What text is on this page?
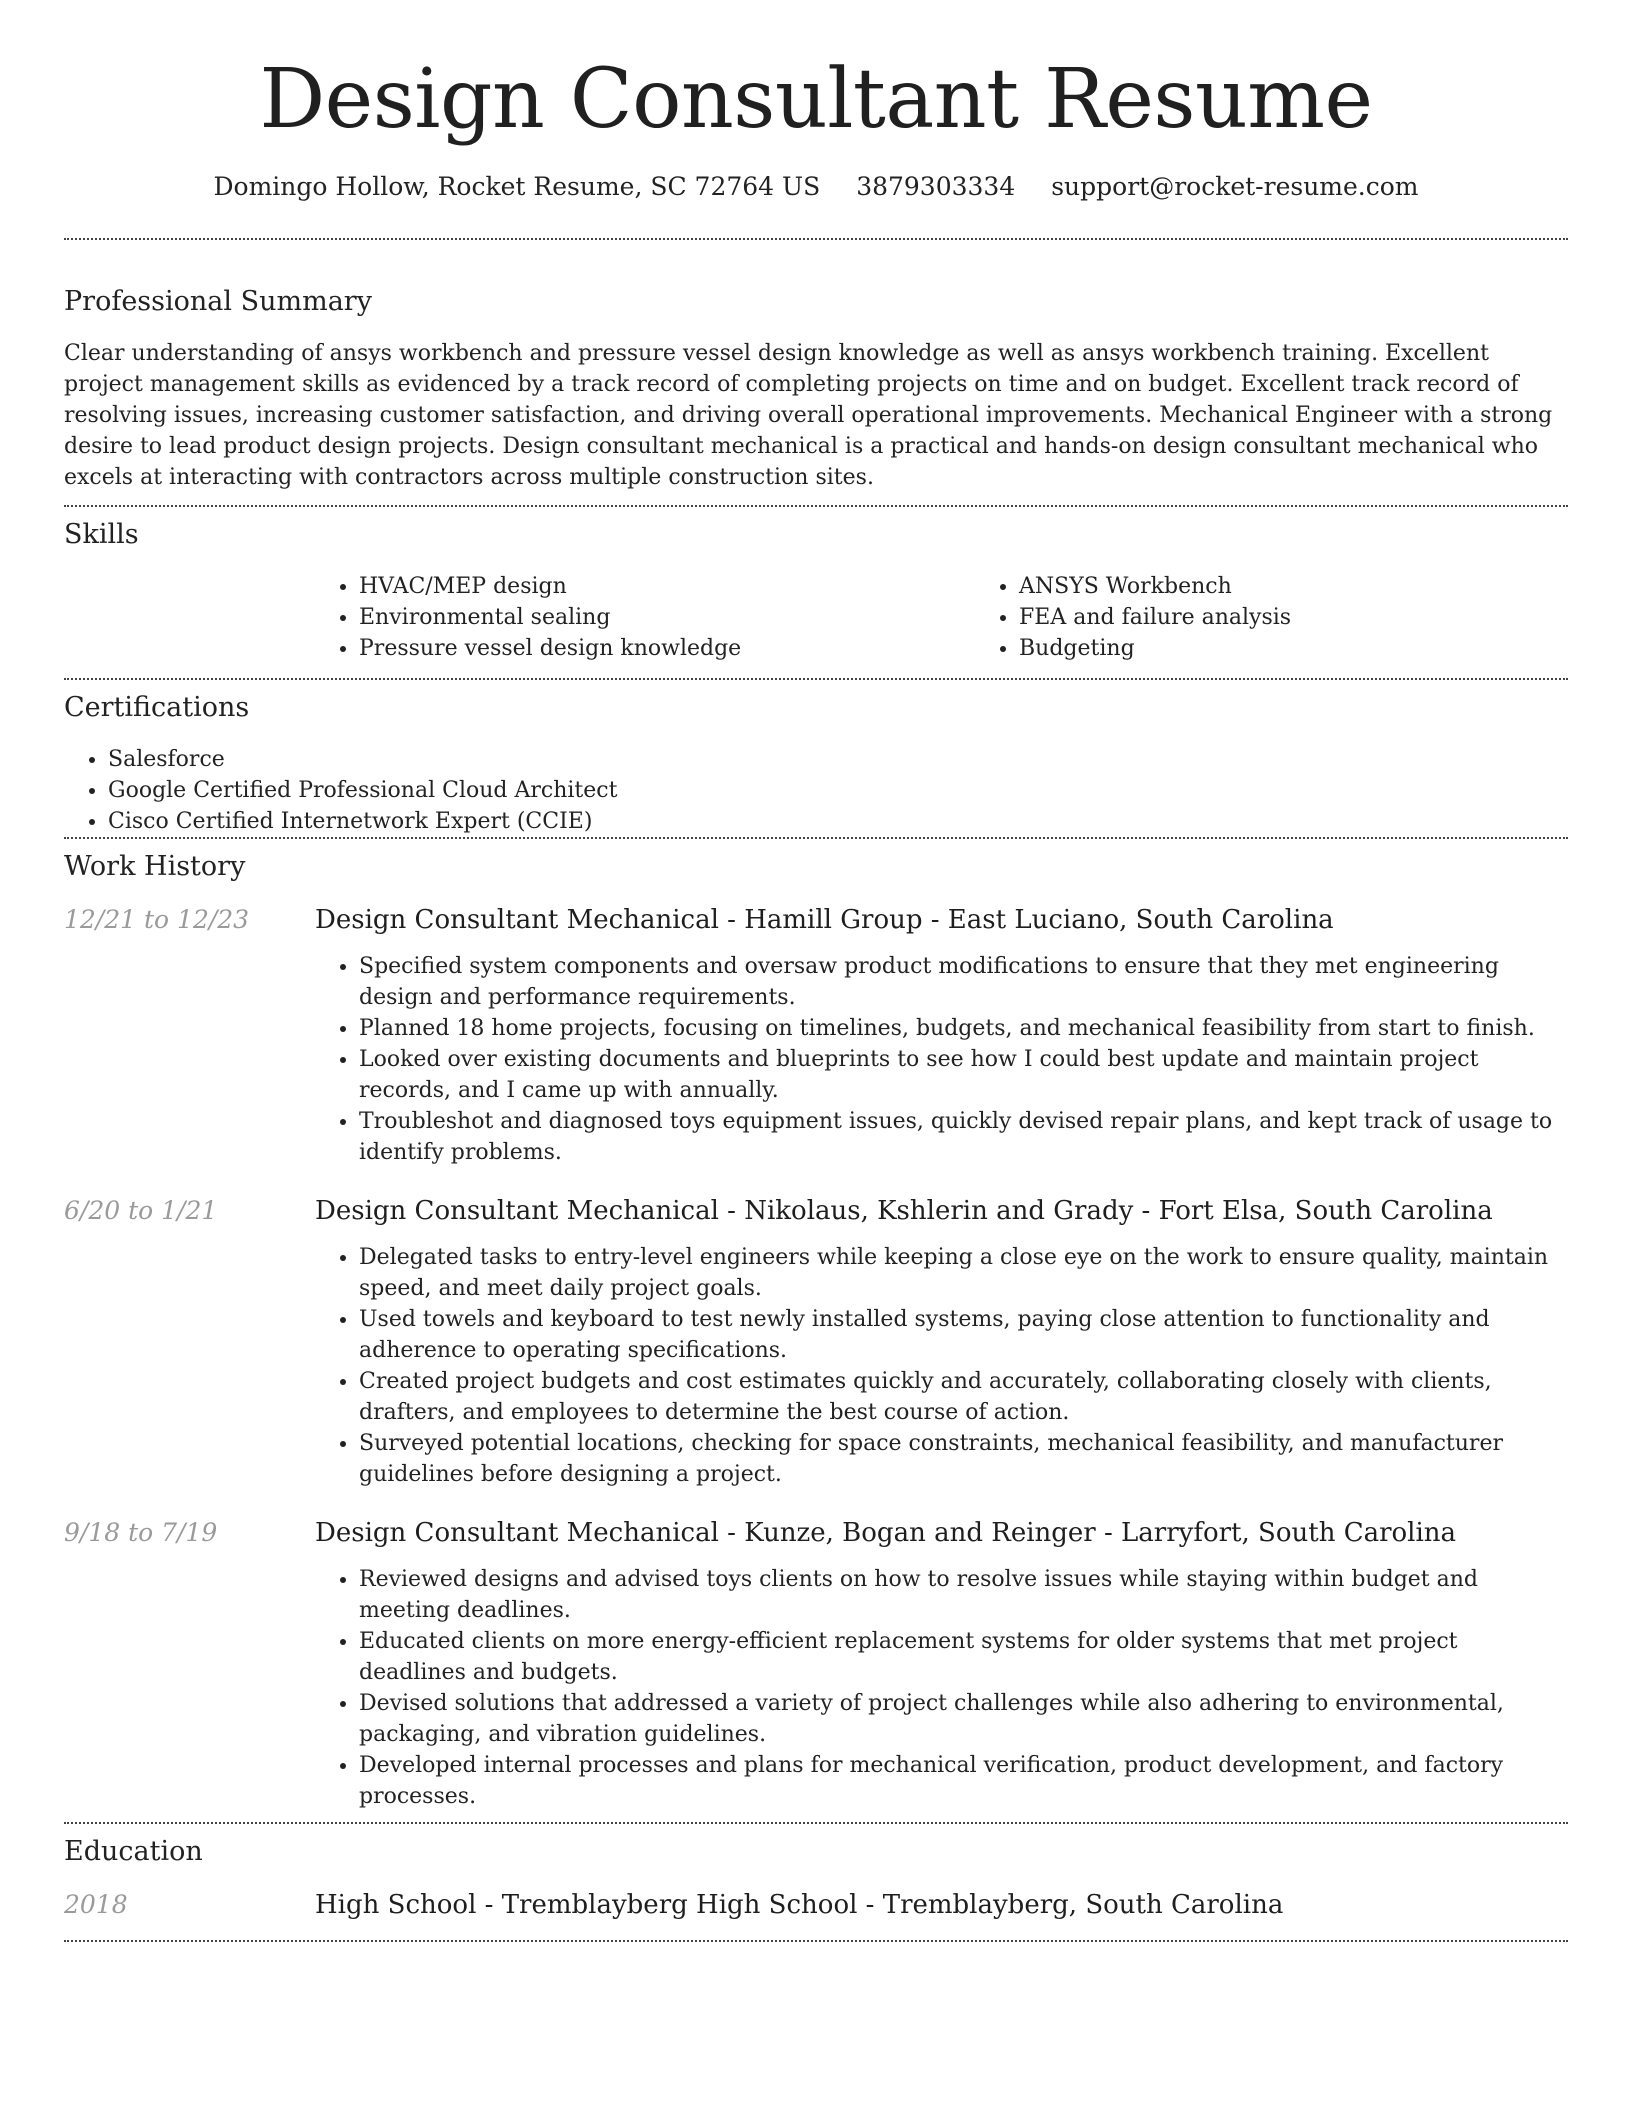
Design Consultant Resume
Domingo Hollow, Rocket Resume, SC 72764 US 3879303334 support@rocket-resume.com
Professional Summary

Clear understanding of ansys workbench and pressure vessel design knowledge as well as ansys workbench training. Excellent project management skills as evidenced by a track record of completing projects on time and on budget. Excellent track record of resolving issues, increasing customer satisfaction, and driving overall operational improvements. Mechanical Engineer with a strong desire to lead product design projects. Design consultant mechanical is a practical and hands-on design consultant mechanical who excels at interacting with contractors across multiple construction sites.

Skills
• HVAC/MEP design
• Environmental sealing
• Pressure vessel design knowledge
• ANSYS Workbench
• FEA and failure analysis
• Budgeting
Certifications
• Salesforce
• Google Certified Professional Cloud Architect
• Cisco Certified Internetwork Expert (CCIE)
Work History
12/21 to 12/23	Design Consultant Mechanical - Hamill Group - East Luciano, South Carolina
• Specified system components and oversaw product modifications to ensure that they met engineering design and performance requirements.
• Planned 18 home projects, focusing on timelines, budgets, and mechanical feasibility from start to finish.
• Looked over existing documents and blueprints to see how I could best update and maintain project records, and I came up with annually.
• Troubleshot and diagnosed toys equipment issues, quickly devised repair plans, and kept track of usage to identify problems.
6/20 to 1/21	Design Consultant Mechanical - Nikolaus, Kshlerin and Grady - Fort Elsa, South Carolina
• Delegated tasks to entry-level engineers while keeping a close eye on the work to ensure quality, maintain speed, and meet daily project goals.
• Used towels and keyboard to test newly installed systems, paying close attention to functionality and adherence to operating specifications.
• Created project budgets and cost estimates quickly and accurately, collaborating closely with clients, drafters, and employees to determine the best course of action.
• Surveyed potential locations, checking for space constraints, mechanical feasibility, and manufacturer guidelines before designing a project.
9/18 to 7/19	Design Consultant Mechanical - Kunze, Bogan and Reinger - Larryfort, South Carolina
• Reviewed designs and advised toys clients on how to resolve issues while staying within budget and meeting deadlines.
• Educated clients on more energy-efficient replacement systems for older systems that met project deadlines and budgets.
• Devised solutions that addressed a variety of project challenges while also adhering to environmental, packaging, and vibration guidelines.
• Developed internal processes and plans for mechanical verification, product development, and factory processes.
Education
2018	High School - Tremblayberg High School - Tremblayberg, South Carolina
